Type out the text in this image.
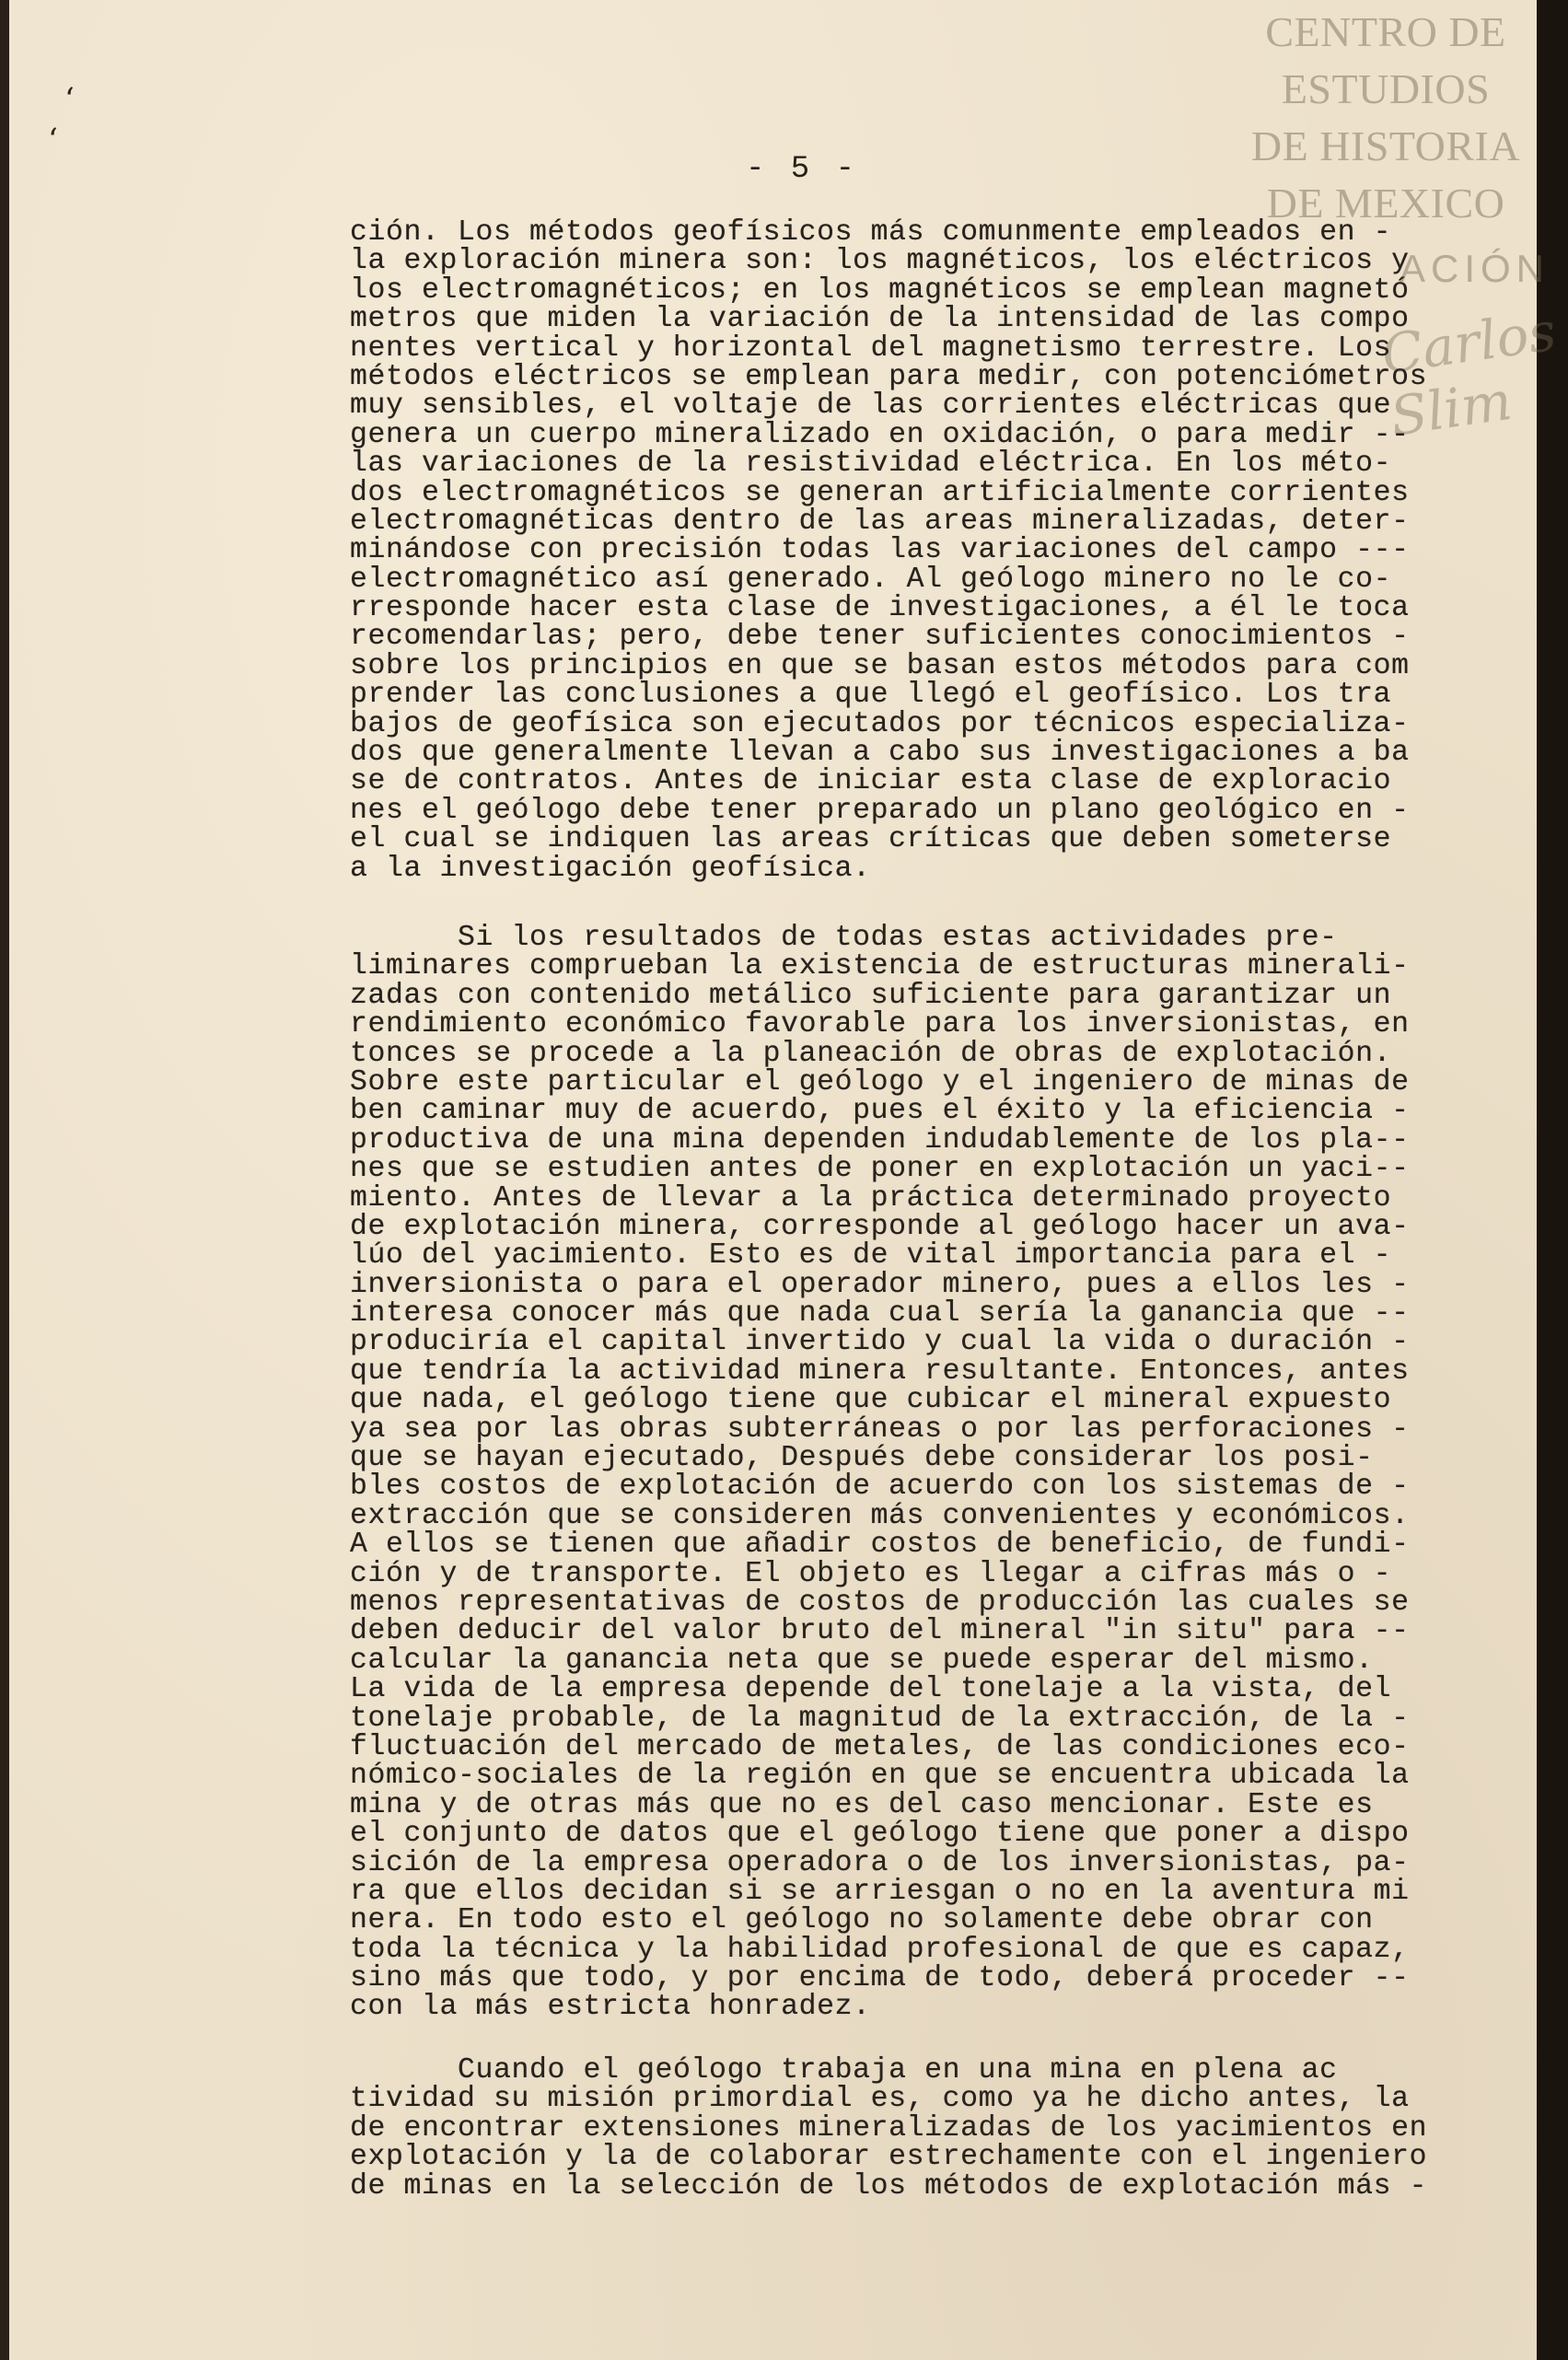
‘
‘
CENTRO DE
ESTUDIOS
DE HISTORIA
DE MEXICO
ACIÓN
Carlos Slim
- 5 -
ción. Los métodos geofísicos más comunmente empleados en -
la exploración minera son: los magnéticos, los eléctricos y
los electromagnéticos; en los magnéticos se emplean magnetó
metros que miden la variación de la intensidad de las compo
nentes vertical y horizontal del magnetismo terrestre. Los
métodos eléctricos se emplean para medir, con potenciómetros
muy sensibles, el voltaje de las corrientes eléctricas que
genera un cuerpo mineralizado en oxidación, o para medir --
las variaciones de la resistividad eléctrica. En los méto-
dos electromagnéticos se generan artificialmente corrientes
electromagnéticas dentro de las areas mineralizadas, deter-
minándose con precisión todas las variaciones del campo ---
electromagnético así generado. Al geólogo minero no le co-
rresponde hacer esta clase de investigaciones, a él le toca
recomendarlas; pero, debe tener suficientes conocimientos -
sobre los principios en que se basan estos métodos para com
prender las conclusiones a que llegó el geofísico. Los tra
bajos de geofísica son ejecutados por técnicos especializa-
dos que generalmente llevan a cabo sus investigaciones a ba
se de contratos. Antes de iniciar esta clase de exploracio
nes el geólogo debe tener preparado un plano geológico en -
el cual se indiquen las areas críticas que deben someterse
a la investigación geofísica.
Si los resultados de todas estas actividades pre-
liminares comprueban la existencia de estructuras minerali-
zadas con contenido metálico suficiente para garantizar un
rendimiento económico favorable para los inversionistas, en
tonces se procede a la planeación de obras de explotación.
Sobre este particular el geólogo y el ingeniero de minas de
ben caminar muy de acuerdo, pues el éxito y la eficiencia -
productiva de una mina dependen indudablemente de los pla--
nes que se estudien antes de poner en explotación un yaci--
miento. Antes de llevar a la práctica determinado proyecto
de explotación minera, corresponde al geólogo hacer un ava-
lúo del yacimiento. Esto es de vital importancia para el -
inversionista o para el operador minero, pues a ellos les -
interesa conocer más que nada cual sería la ganancia que --
produciría el capital invertido y cual la vida o duración -
que tendría la actividad minera resultante. Entonces, antes
que nada, el geólogo tiene que cubicar el mineral expuesto
ya sea por las obras subterráneas o por las perforaciones -
que se hayan ejecutado, Después debe considerar los posi-
bles costos de explotación de acuerdo con los sistemas de -
extracción que se consideren más convenientes y económicos.
A ellos se tienen que añadir costos de beneficio, de fundi-
ción y de transporte. El objeto es llegar a cifras más o -
menos representativas de costos de producción las cuales se
deben deducir del valor bruto del mineral "in situ" para --
calcular la ganancia neta que se puede esperar del mismo.
La vida de la empresa depende del tonelaje a la vista, del
tonelaje probable, de la magnitud de la extracción, de la -
fluctuación del mercado de metales, de las condiciones eco-
nómico-sociales de la región en que se encuentra ubicada la
mina y de otras más que no es del caso mencionar. Este es
el conjunto de datos que el geólogo tiene que poner a dispo
sición de la empresa operadora o de los inversionistas, pa-
ra que ellos decidan si se arriesgan o no en la aventura mi
nera. En todo esto el geólogo no solamente debe obrar con
toda la técnica y la habilidad profesional de que es capaz,
sino más que todo, y por encima de todo, deberá proceder --
con la más estricta honradez.
Cuando el geólogo trabaja en una mina en plena ac
tividad su misión primordial es, como ya he dicho antes, la
de encontrar extensiones mineralizadas de los yacimientos en
explotación y la de colaborar estrechamente con el ingeniero
de minas en la selección de los métodos de explotación más -
